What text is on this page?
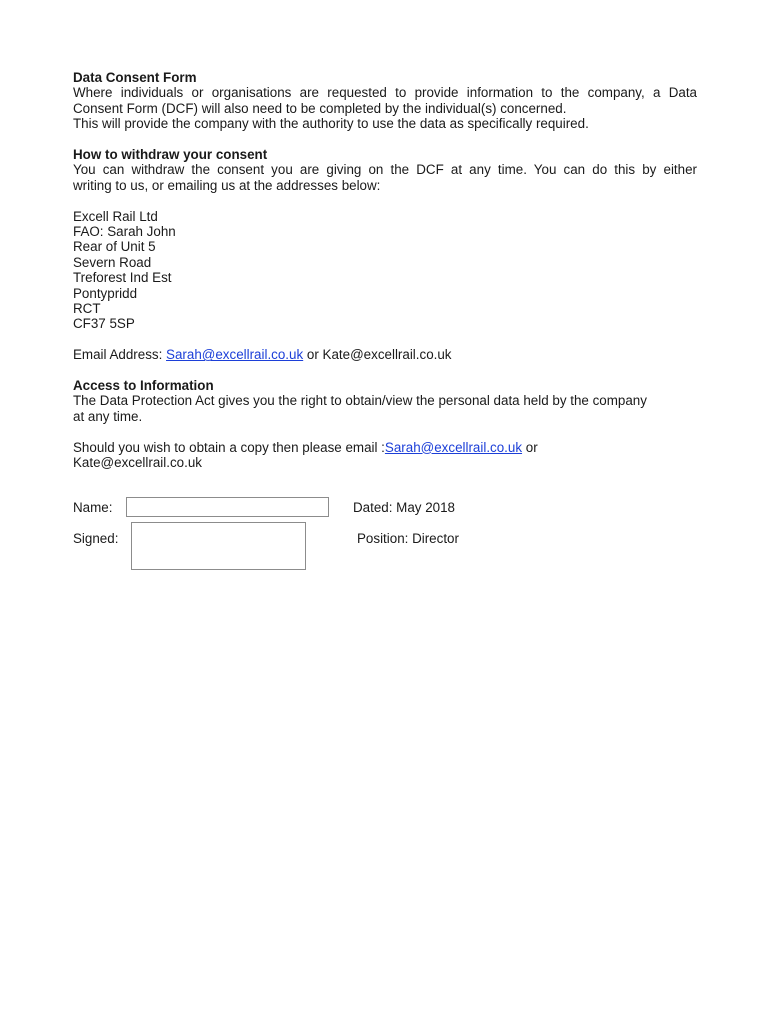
Data Consent Form
Where individuals or organisations are requested to provide information to the company, a Data
Consent Form (DCF) will also need to be completed by the individual(s) concerned.
This will provide the company with the authority to use the data as specifically required.
How to withdraw your consent
You can withdraw the consent you are giving on the DCF at any time. You can do this by either
writing to us, or emailing us at the addresses below:
Excell Rail Ltd
FAO: Sarah John
Rear of Unit 5
Severn Road
Treforest Ind Est
Pontypridd
RCT
CF37 5SP
Email Address: Sarah@excellrail.co.uk or Kate@excellrail.co.uk
Access to Information
The Data Protection Act gives you the right to obtain/view the personal data held by the company
at any time.
Should you wish to obtain a copy then please email :Sarah@excellrail.co.uk or
Kate@excellrail.co.uk
Name:	Dated: May 2018
Signed:	Position: Director
